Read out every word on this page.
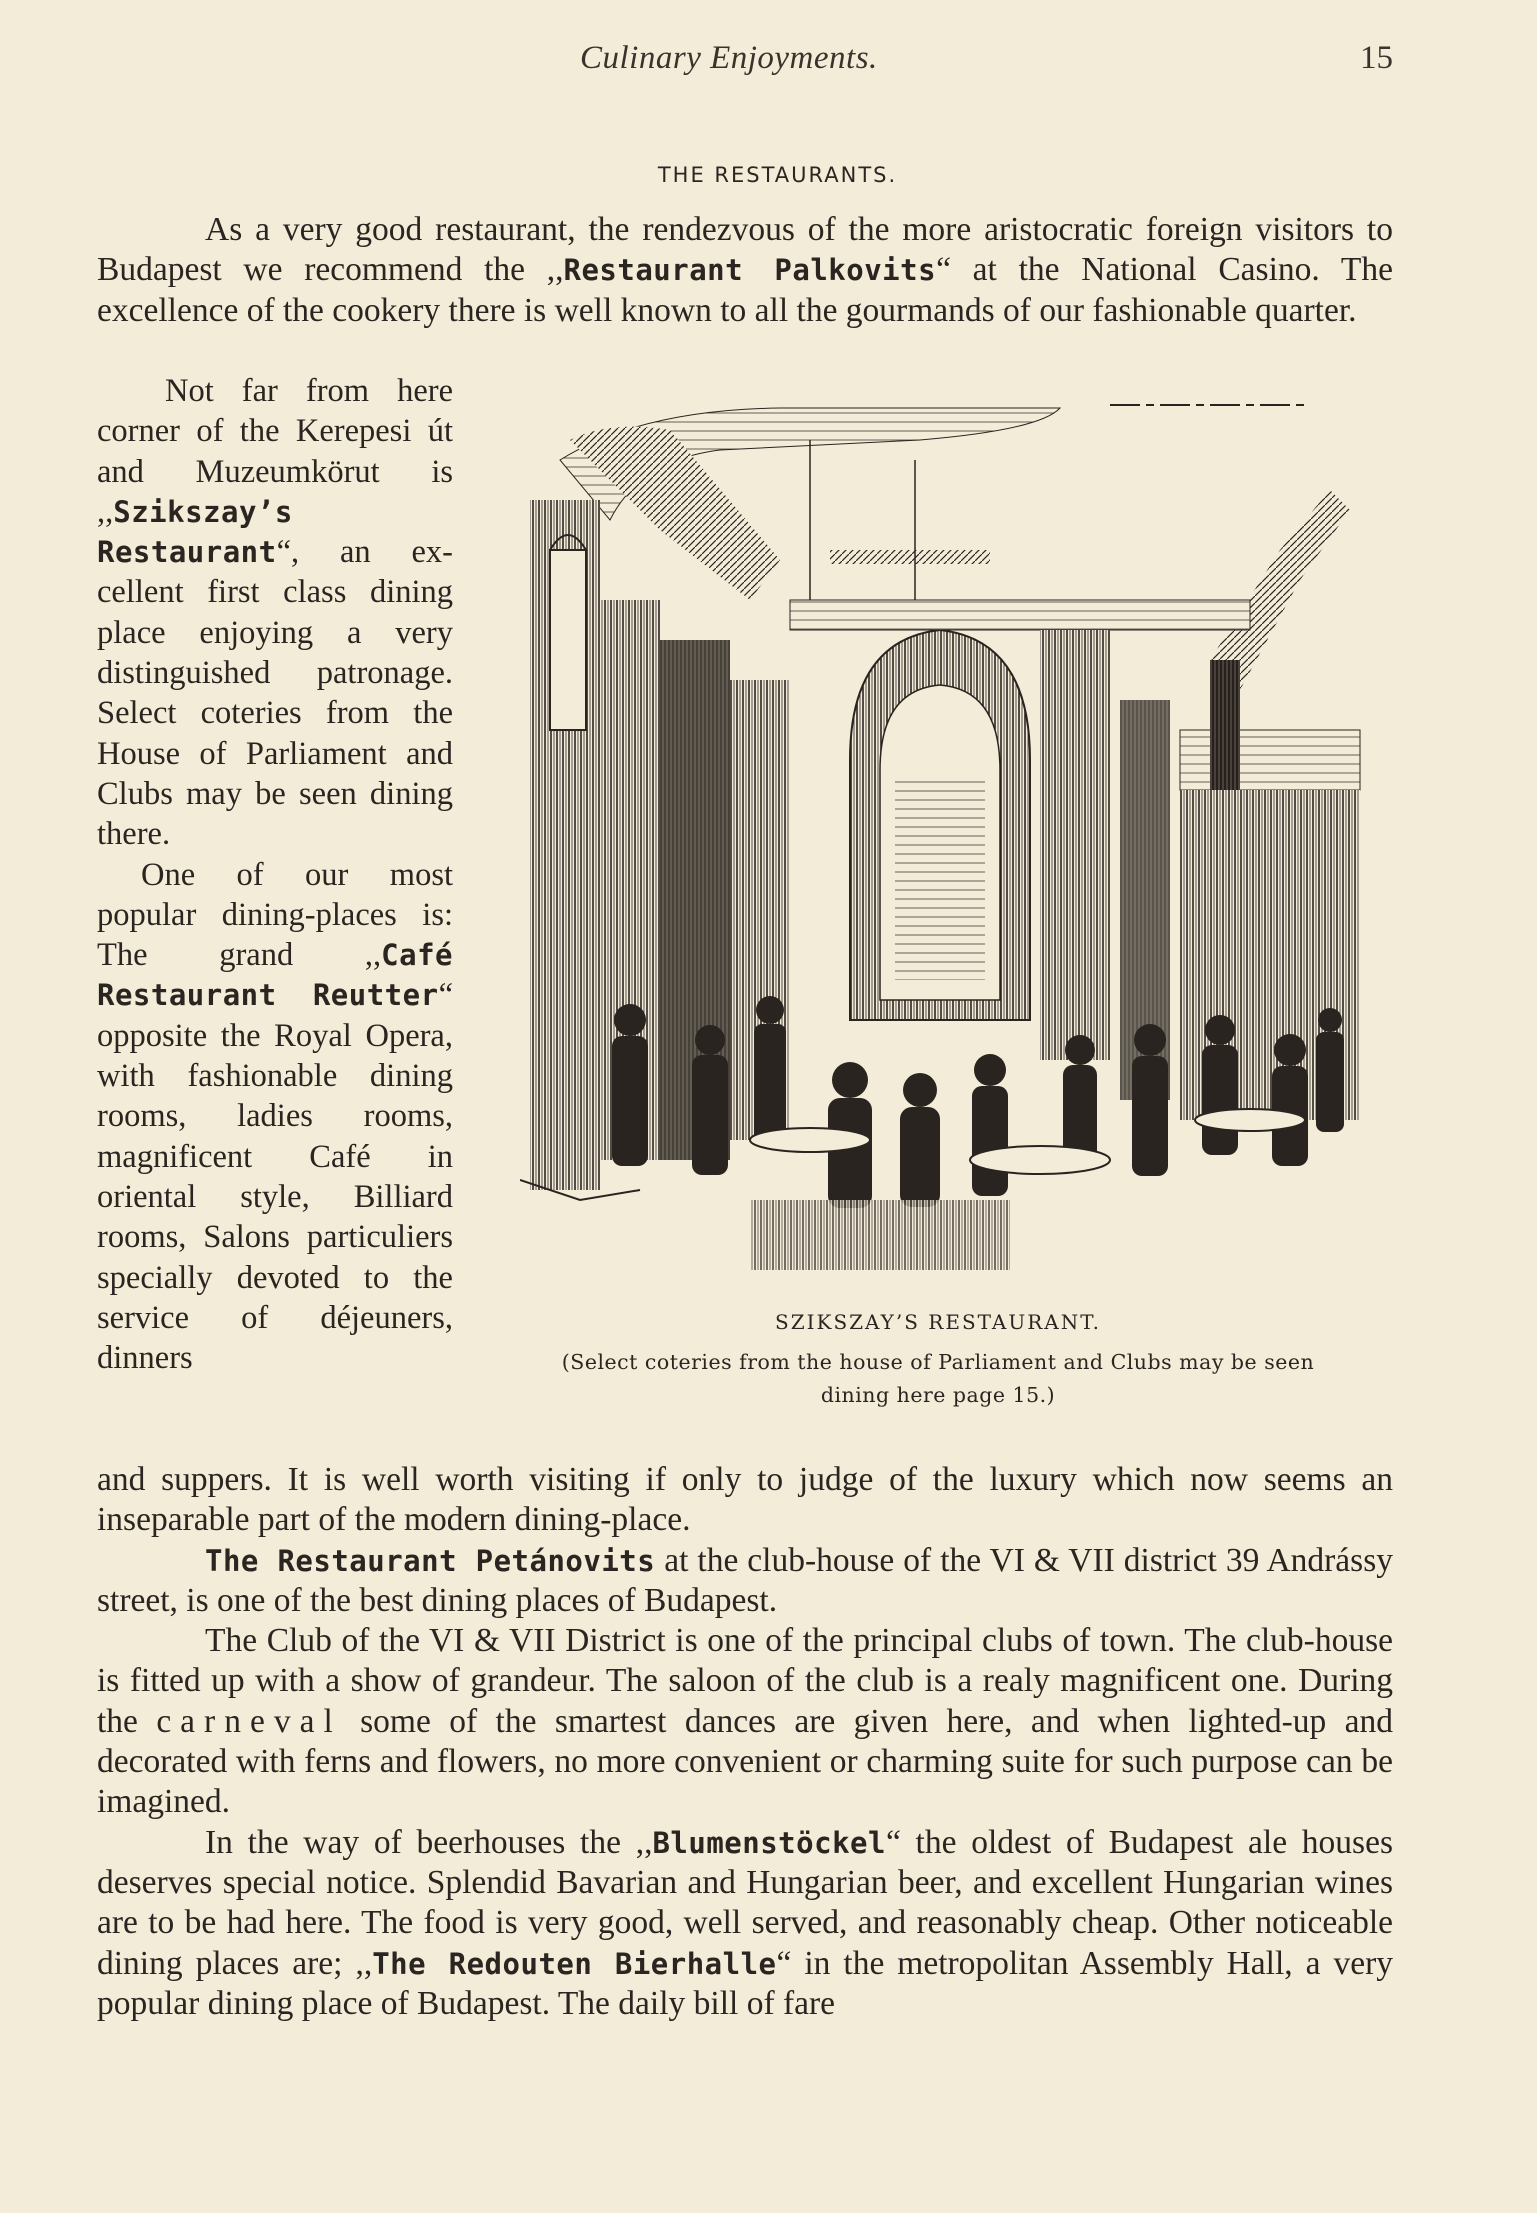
Culinary Enjoyments.	15
THE RESTAURANTS.

As a very good restaurant, the rendezvous of the more aristocratic foreign visitors to Budapest we recommend the ,,Restaurant Palkovits“ at the National Casino. The excellence of the cookery there is well known to all the gourmands of our fashionable quarter.

Not far from here corner of the Kerepesi út and Muzeumkörut is ,,Szikszay’s Restaurant“, an excellent first class dining place enjoying a very distinguished patronage. Select coteries from the House of Parliament and Clubs may be seen dining there.

One of our most popular dining-places is: The grand ,,Café Restaurant Reutter“ opposite the Royal Opera, with fashionable dining rooms, ladies rooms, magnificent Café in oriental style, Billiard rooms, Salons particuliers specially devoted to the service of déjeuners, dinners

SZIKSZAY’S RESTAURANT.
(Select coteries from the house of Parliament and Clubs may be seen
dining here page 15.)

and suppers. It is well worth visiting if only to judge of the luxury which now seems an inseparable part of the modern dining-place.

The Restaurant Petánovits at the club-house of the VI & VII district 39 Andrássy street, is one of the best dining places of Budapest.

The Club of the VI & VII District is one of the principal clubs of town. The club-house is fitted up with a show of grandeur. The saloon of the club is a realy magnificent one. During the carneval some of the smartest dances are given here, and when lighted-up and decorated with ferns and flowers, no more convenient or charming suite for such purpose can be imagined.

In the way of beerhouses the ,,Blumenstöckel“ the oldest of Budapest ale houses deserves special notice. Splendid Bavarian and Hungarian beer, and excellent Hungarian wines are to be had here. The food is very good, well served, and reasonably cheap. Other noticeable dining places are; ,,The Redouten Bierhalle“ in the metropolitan Assembly Hall, a very popular dining place of Budapest. The daily bill of fare
